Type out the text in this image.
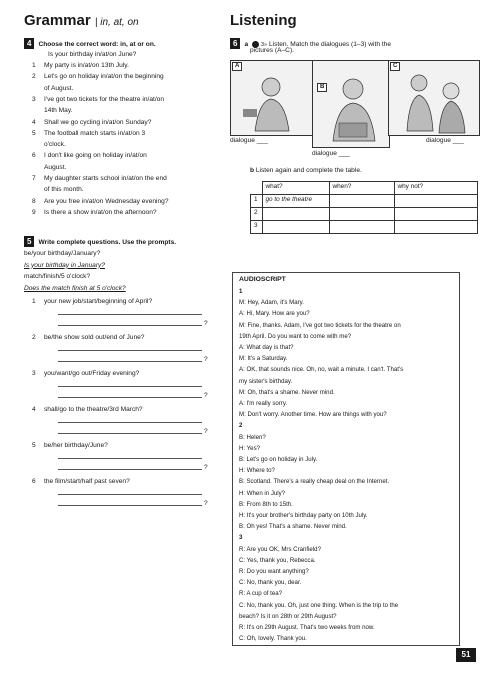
Grammar | in, at, on
4 Choose the correct word: in, at or on.
Is your birthday in/at/on June?
1 My party is in/at/on 13th July.
2 Let's go on holiday in/at/on the beginning
of August.
3 I've got two tickets for the theatre in/at/on
14th May.
4 Shall we go cycling in/at/on Sunday?
5 The football match starts in/at/on 3
o'clock.
6 I don't like going on holiday in/at/on
August.
7 My daughter starts school in/at/on the end
of this month.
8 Are you free in/at/on Wednesday evening?
9 Is there a show in/at/on the afternoon?
5 Write complete questions. Use the prompts.
be/your birthday/January?
Is your birthday in January?
match/finish/5 o'clock?
Does the match finish at 5 o'clock?
1 your new job/start/beginning of April?
?
2 be/the show sold out/end of June?
?
3 you/want/go out/Friday evening?
?
4 shall/go to the theatre/3rd March?
?
5 be/her birthday/June?
?
6 the film/start/half past seven?
?
Listening
6 a 3» Listen. Match the dialogues (1–3) with the
pictures (A–C).
A
B
C
dialogue ___
dialogue ___
dialogue ___
b Listen again and complete the table.
	what?	when?	why not?
1	go to the theatre		
2			
3			
AUDIOSCRIPT
1
M: Hey, Adam, it's Mary.
A: Hi, Mary. How are you?
M: Fine, thanks. Adam, I've got two tickets for the theatre on
19th April. Do you want to come with me?
A: What day is that?
M: It's a Saturday.
A: OK, that sounds nice. Oh, no, wait a minute. I can't. That's
my sister's birthday.
M: Oh, that's a shame. Never mind.
A: I'm really sorry.
M: Don't worry. Another time. How are things with you?
2
B: Helen?
H: Yes?
B: Let's go on holiday in July.
H: Where to?
B: Scotland. There's a really cheap deal on the Internet.
H: When in July?
B: From 8th to 15th.
H: It's your brother's birthday party on 10th July.
B: Oh yes! That's a shame. Never mind.
3
R: Are you OK, Mrs Cranfield?
C: Yes, thank you, Rebecca.
R: Do you want anything?
C: No, thank you, dear.
R: A cup of tea?
C: No, thank you. Oh, just one thing. When is the trip to the
beach? Is it on 28th or 29th August?
R: It's on 29th August. That's two weeks from now.
C: Oh, lovely. Thank you.
51
